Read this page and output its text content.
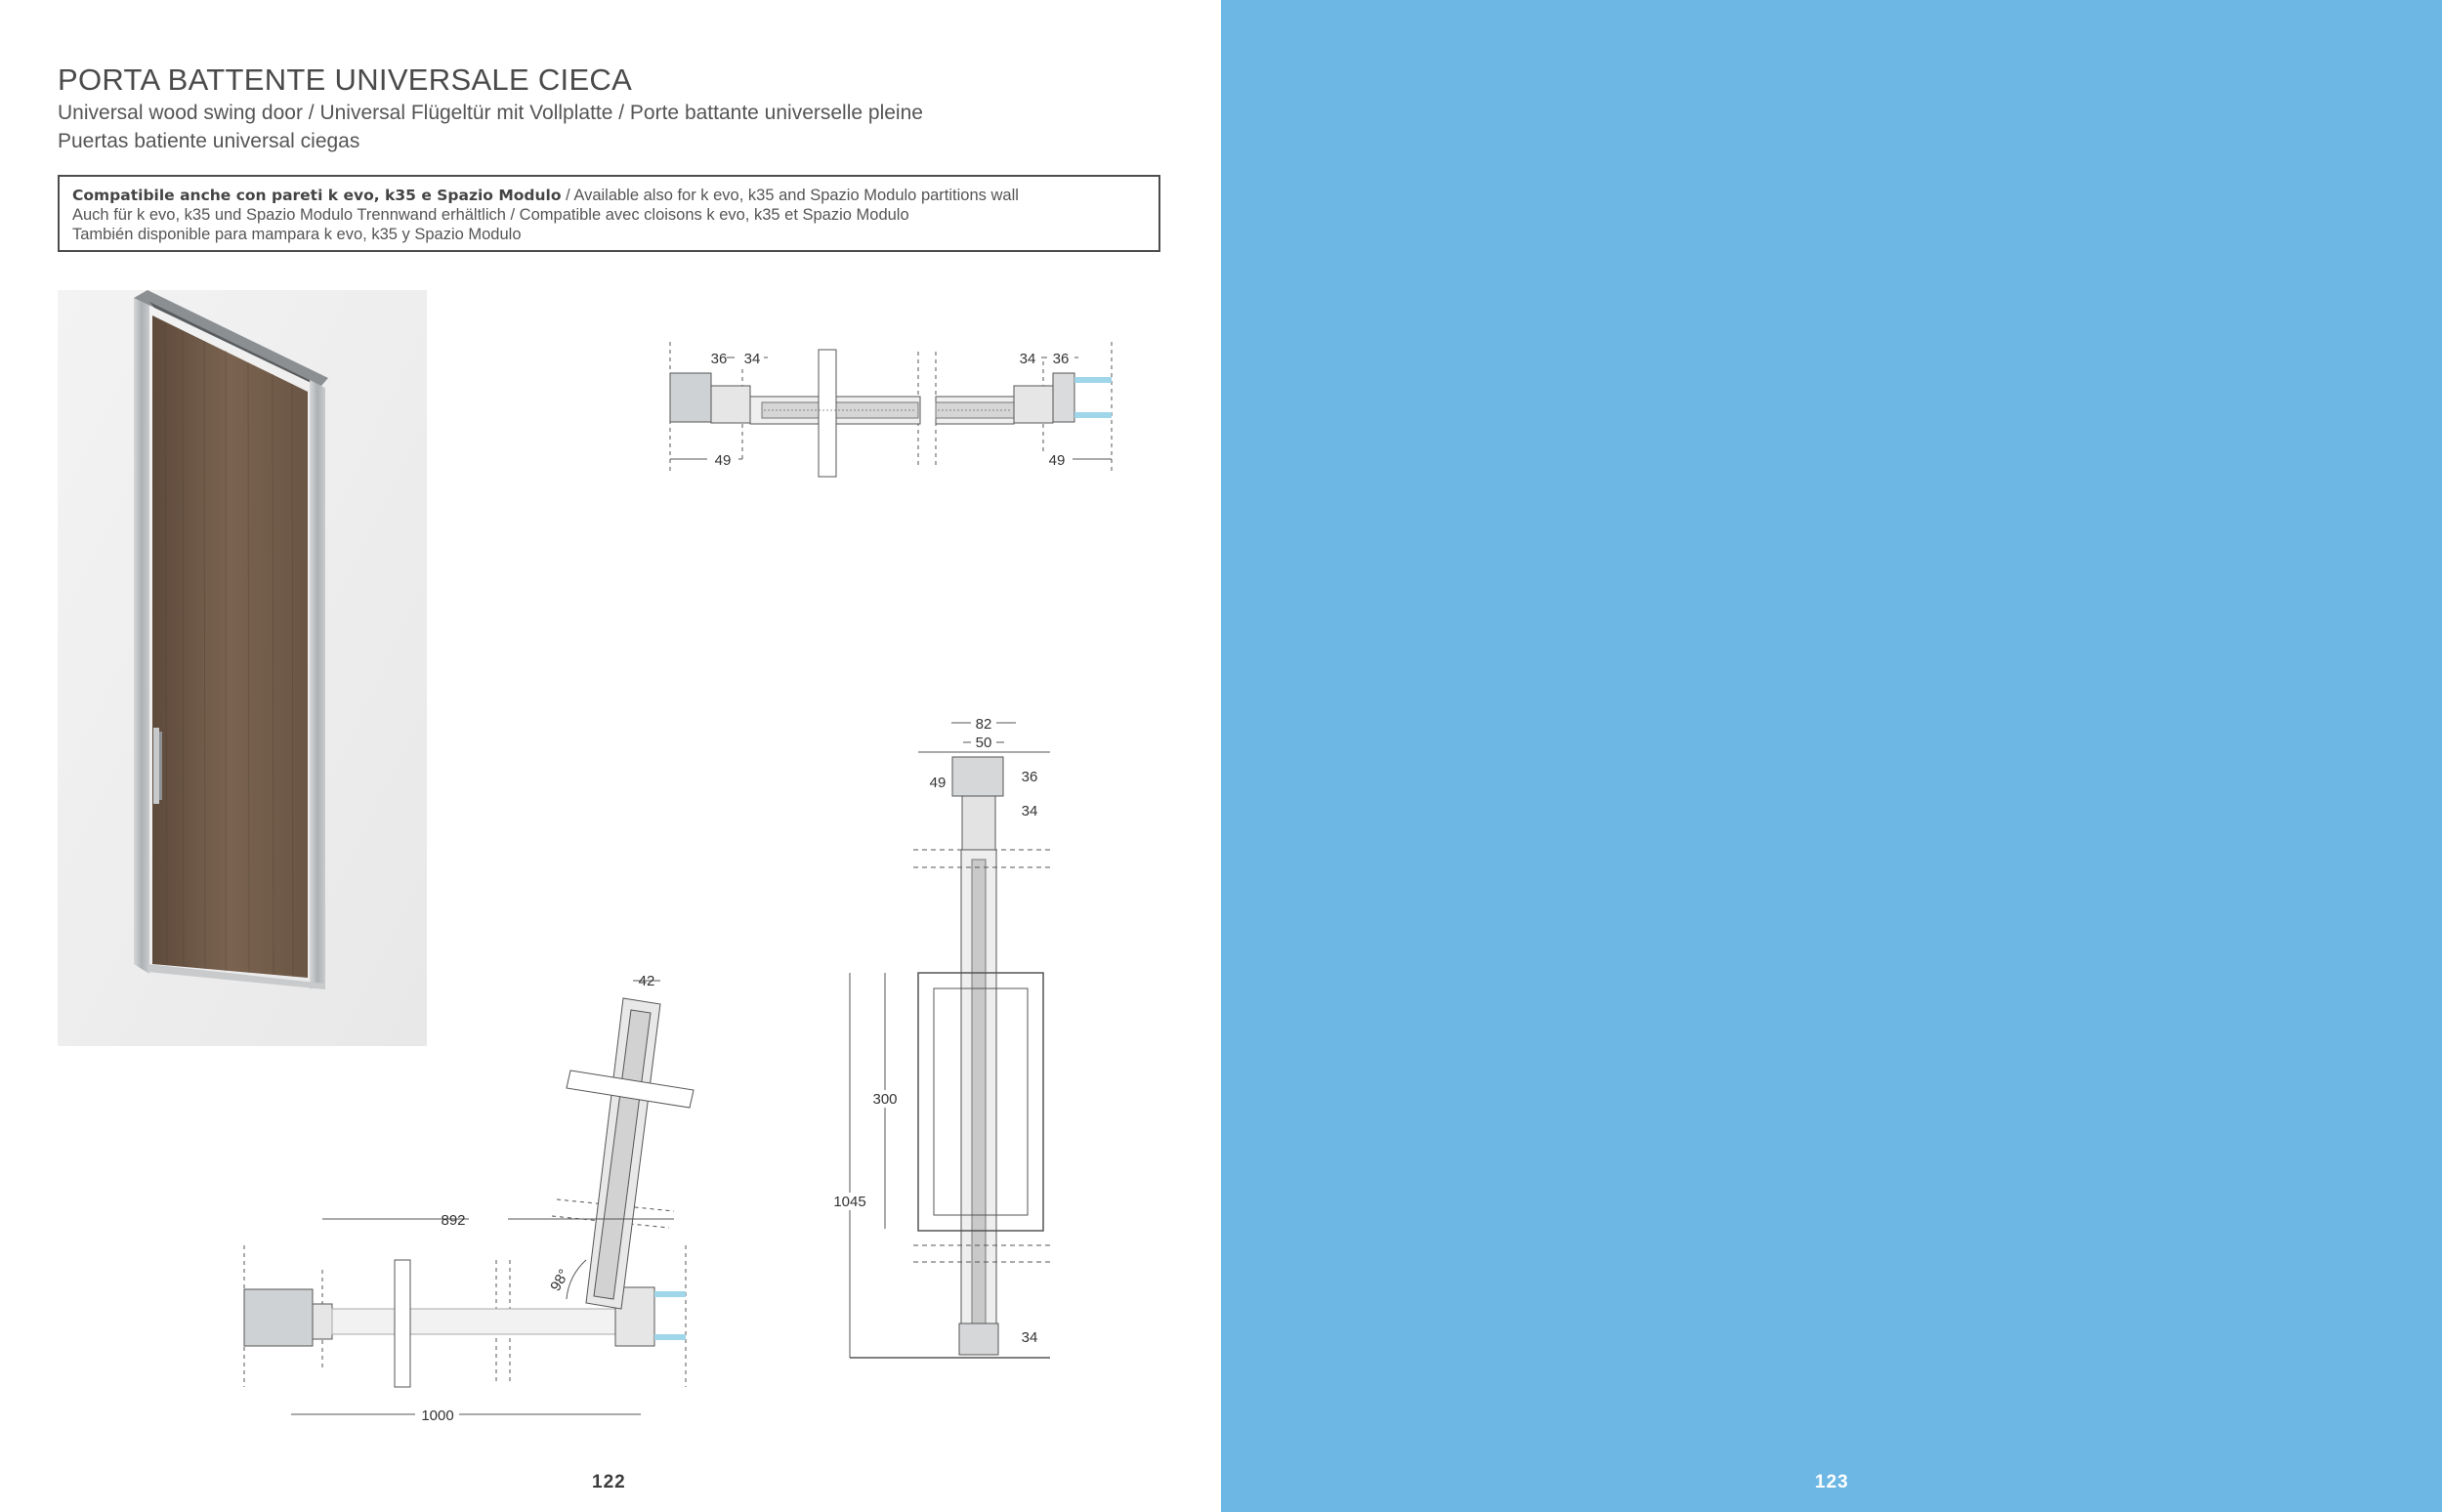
PORTA BATTENTE UNIVERSALE CIECA
Universal wood swing door / Universal Flügeltür mit Vollplatte / Porte battante universelle pleine
Puertas batiente universal ciegas
Compatibile anche con pareti k evo, k35 e Spazio Modulo / Available also for k evo, k35 and Spazio Modulo partitions wall
Auch für k evo, k35 und Spazio Modulo Trennwand erhältlich / Compatible avec cloisons k evo, k35 et Spazio Modulo
También disponible para mampara k evo, k35 y Spazio Modulo
36 34	34 36
49	49
42
892
98°
1000
82
50
49	36
34
300
1045
34
122	123
